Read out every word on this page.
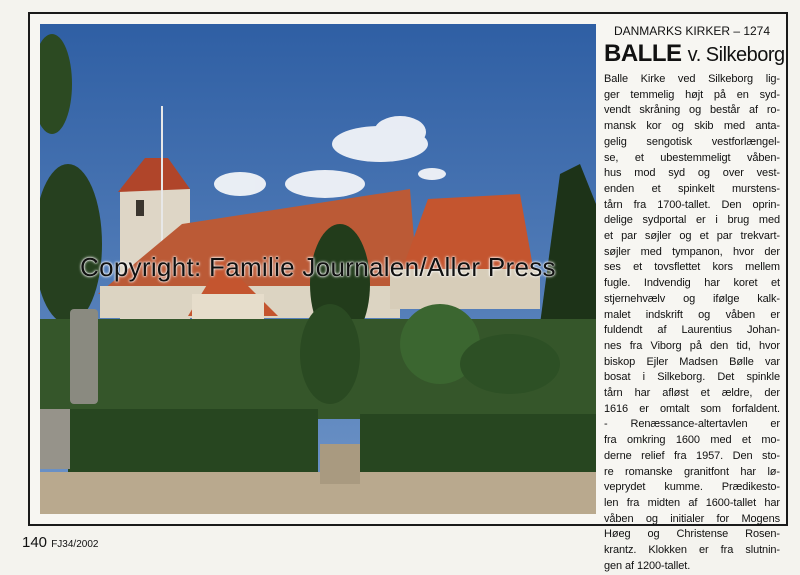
Copyright: Familie Journalen/Aller Press
DANMARKS KIRKER – 1274
BALLE v. Silkeborg

Balle Kirke ved Silkeborg lig-
ger temmelig højt på en syd-
vendt skråning og består af ro-
mansk kor og skib med anta-
gelig sengotisk vestforlængel-
se, et ubestemmeligt våben-
hus mod syd og over vest-
enden et spinkelt murstens-
tårn fra 1700-tallet. Den oprin-
delige sydportal er i brug med
et par søjler og et par trekvart-
søjler med tympanon, hvor der
ses et tovsflettet kors mellem
fugle. Indvendig har koret et
stjernehvælv og ifølge kalk-
malet indskrift og våben er
fuldendt af Laurentius Johan-
nes fra Viborg på den tid, hvor
biskop Ejler Madsen Bølle var
bosat i Silkeborg. Det spinkle
tårn har afløst et ældre, der
1616 er omtalt som forfaldent.
- Renæssance-altertavlen er
fra omkring 1600 med et mo-
derne relief fra 1957. Den sto-
re romanske granitfont har lø-
veprydet kumme. Prædikesto-
len fra midten af 1600-tallet har
våben og initialer for Mogens
Høeg og Christense Rosen-
krantz. Klokken er fra slutnin-
gen af 1200-tallet.

140 FJ34/2002
